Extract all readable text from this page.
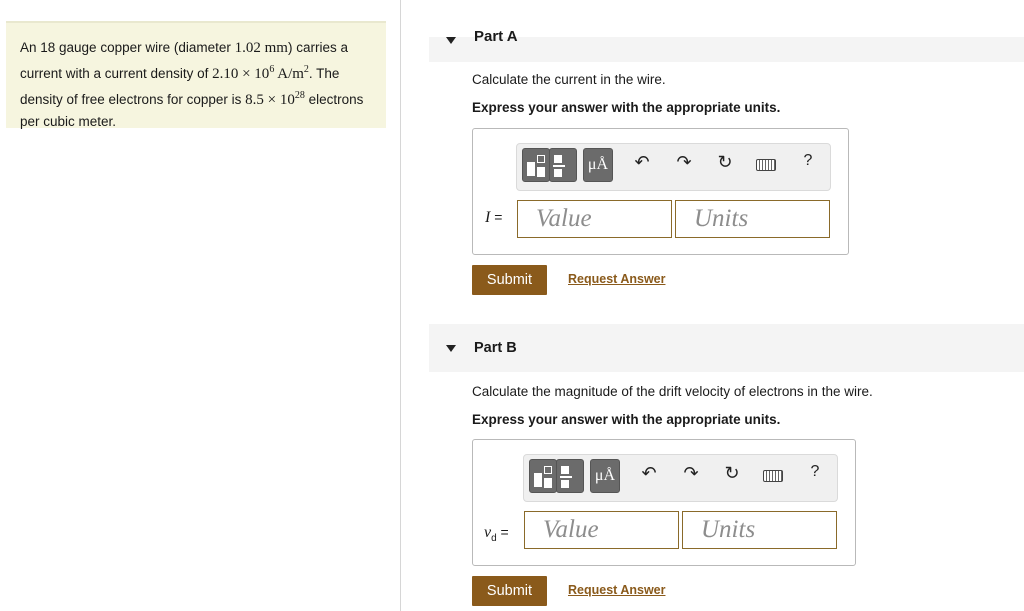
An 18 gauge copper wire (diameter 1.02 mm) carries a current with a current density of $2.10 \times 10^6$ $A/m^2$. The density of free electrons for copper is $8.5 \times 10^{28}$ electrons per cubic meter.
Part A
Calculate the current in the wire.
Express your answer with the appropriate units.
μÅ ↶ ↷ ↻	?
I =	Value	Units
Submit	Request Answer
Part B
Calculate the magnitude of the drift velocity of electrons in the wire.
Express your answer with the appropriate units.
μÅ ↶ ↷ ↻	?
$v_d$ =	Value	Units
Submit	Request Answer
